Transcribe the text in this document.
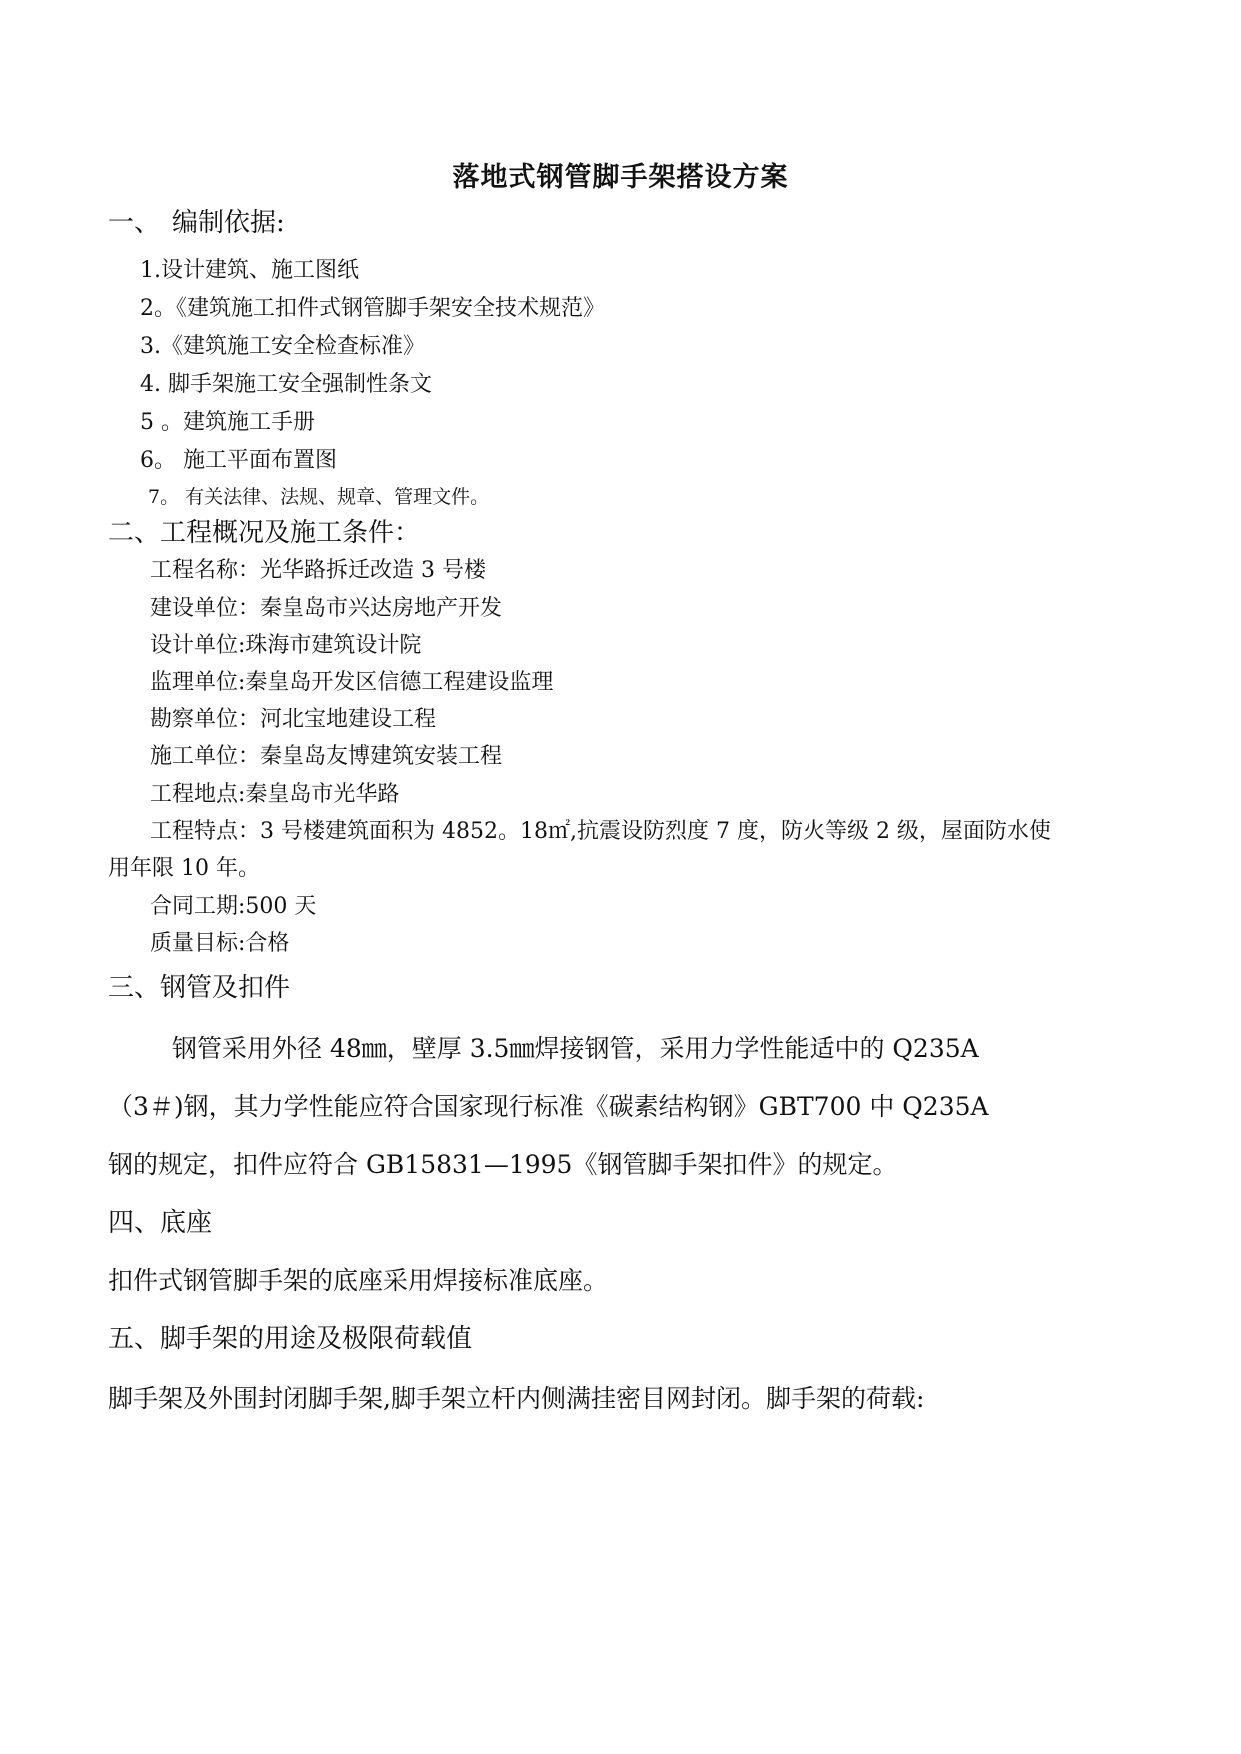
落地式钢管脚手架搭设方案
一、 编制依据:
1.设计建筑、施工图纸
2。《建筑施工扣件式钢管脚手架安全技术规范》
3.《建筑施工安全检查标准》
4. 脚手架施工安全强制性条文
5 。建筑施工手册
6。 施工平面布置图
7。 有关法律、法规、规章、管理文件。
二、工程概况及施工条件：
工程名称：光华路拆迁改造 3 号楼
建设单位：秦皇岛市兴达房地产开发
设计单位:珠海市建筑设计院
监理单位:秦皇岛开发区信德工程建设监理
勘察单位：河北宝地建设工程
施工单位：秦皇岛友博建筑安装工程
工程地点:秦皇岛市光华路
工程特点：3 号楼建筑面积为 4852。18㎡,抗震设防烈度 7 度，防火等级 2 级，屋面防水使
用年限 10 年。
合同工期:500 天
质量目标:合格
三、钢管及扣件
钢管采用外径 48㎜，壁厚 3.5㎜焊接钢管，采用力学性能适中的 Q235A
（3＃)钢，其力学性能应符合国家现行标准《碳素结构钢》GBT700 中 Q235A
钢的规定，扣件应符合 GB15831—1995《钢管脚手架扣件》的规定。
四、底座
扣件式钢管脚手架的底座采用焊接标准底座。
五、脚手架的用途及极限荷载值
脚手架及外围封闭脚手架,脚手架立杆内侧满挂密目网封闭。脚手架的荷载:
